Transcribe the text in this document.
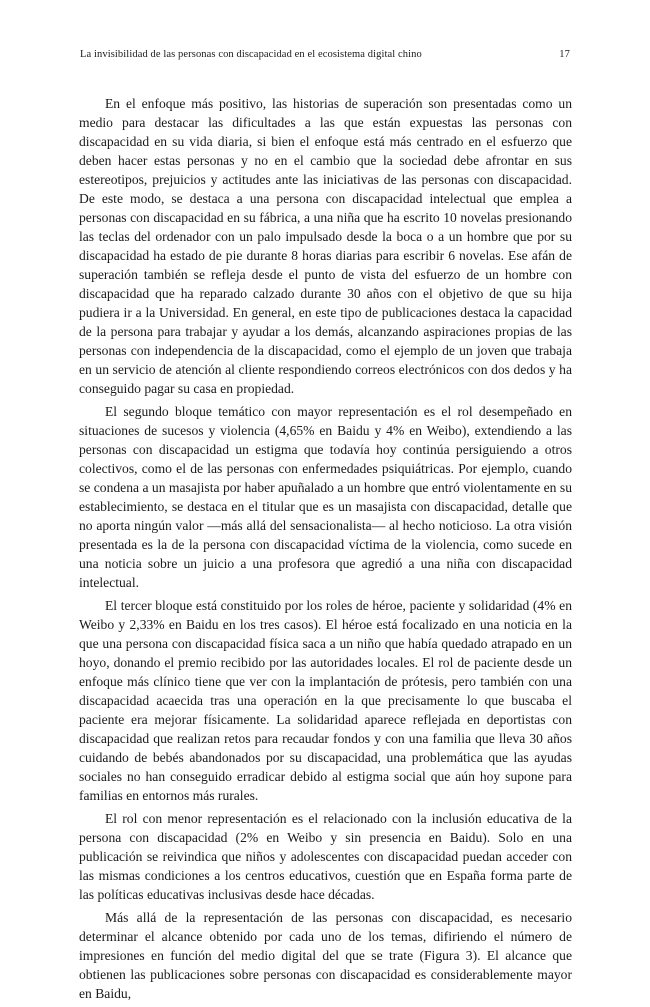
La invisibilidad de las personas con discapacidad en el ecosistema digital chino	17

En el enfoque más positivo, las historias de superación son presentadas como un medio para destacar las dificultades a las que están expuestas las personas con discapacidad en su vida diaria, si bien el enfoque está más centrado en el esfuerzo que deben hacer estas personas y no en el cambio que la sociedad debe afrontar en sus estereotipos, prejuicios y actitudes ante las iniciativas de las personas con discapacidad. De este modo, se destaca a una persona con discapacidad intelectual que emplea a personas con discapacidad en su fábrica, a una niña que ha escrito 10 novelas presionando las teclas del ordenador con un palo impulsado desde la boca o a un hombre que por su discapacidad ha estado de pie durante 8 horas diarias para escribir 6 novelas. Ese afán de superación también se refleja desde el punto de vista del esfuerzo de un hombre con discapacidad que ha reparado calzado durante 30 años con el objetivo de que su hija pudiera ir a la Universidad. En general, en este tipo de publicaciones destaca la capacidad de la persona para trabajar y ayudar a los demás, alcanzando aspiraciones propias de las personas con independencia de la discapacidad, como el ejemplo de un joven que trabaja en un servicio de atención al cliente respondiendo correos electrónicos con dos dedos y ha conseguido pagar su casa en propiedad.

El segundo bloque temático con mayor representación es el rol desempeñado en situaciones de sucesos y violencia (4,65% en Baidu y 4% en Weibo), extendiendo a las personas con discapacidad un estigma que todavía hoy continúa persiguiendo a otros colectivos, como el de las personas con enfermedades psiquiátricas. Por ejemplo, cuando se condena a un masajista por haber apuñalado a un hombre que entró violentamente en su establecimiento, se destaca en el titular que es un masajista con discapacidad, detalle que no aporta ningún valor —más allá del sensacionalista— al hecho noticioso. La otra visión presentada es la de la persona con discapacidad víctima de la violencia, como sucede en una noticia sobre un juicio a una profesora que agredió a una niña con discapacidad intelectual.

El tercer bloque está constituido por los roles de héroe, paciente y solidaridad (4% en Weibo y 2,33% en Baidu en los tres casos). El héroe está focalizado en una noticia en la que una persona con discapacidad física saca a un niño que había quedado atrapado en un hoyo, donando el premio recibido por las autoridades locales. El rol de paciente desde un enfoque más clínico tiene que ver con la implantación de prótesis, pero también con una discapacidad acaecida tras una operación en la que precisamente lo que buscaba el paciente era mejorar físicamente. La solidaridad aparece reflejada en deportistas con discapacidad que realizan retos para recaudar fondos y con una familia que lleva 30 años cuidando de bebés abandonados por su discapacidad, una problemática que las ayudas sociales no han conseguido erradicar debido al estigma social que aún hoy supone para familias en entornos más rurales.

El rol con menor representación es el relacionado con la inclusión educativa de la persona con discapacidad (2% en Weibo y sin presencia en Baidu). Solo en una publicación se reivindica que niños y adolescentes con discapacidad puedan acceder con las mismas condiciones a los centros educativos, cuestión que en España forma parte de las políticas educativas inclusivas desde hace décadas.

Más allá de la representación de las personas con discapacidad, es necesario determinar el alcance obtenido por cada uno de los temas, difiriendo el número de impresiones en función del medio digital del que se trate (Figura 3). El alcance que obtienen las publicaciones sobre personas con discapacidad es considerablemente mayor en Baidu,
